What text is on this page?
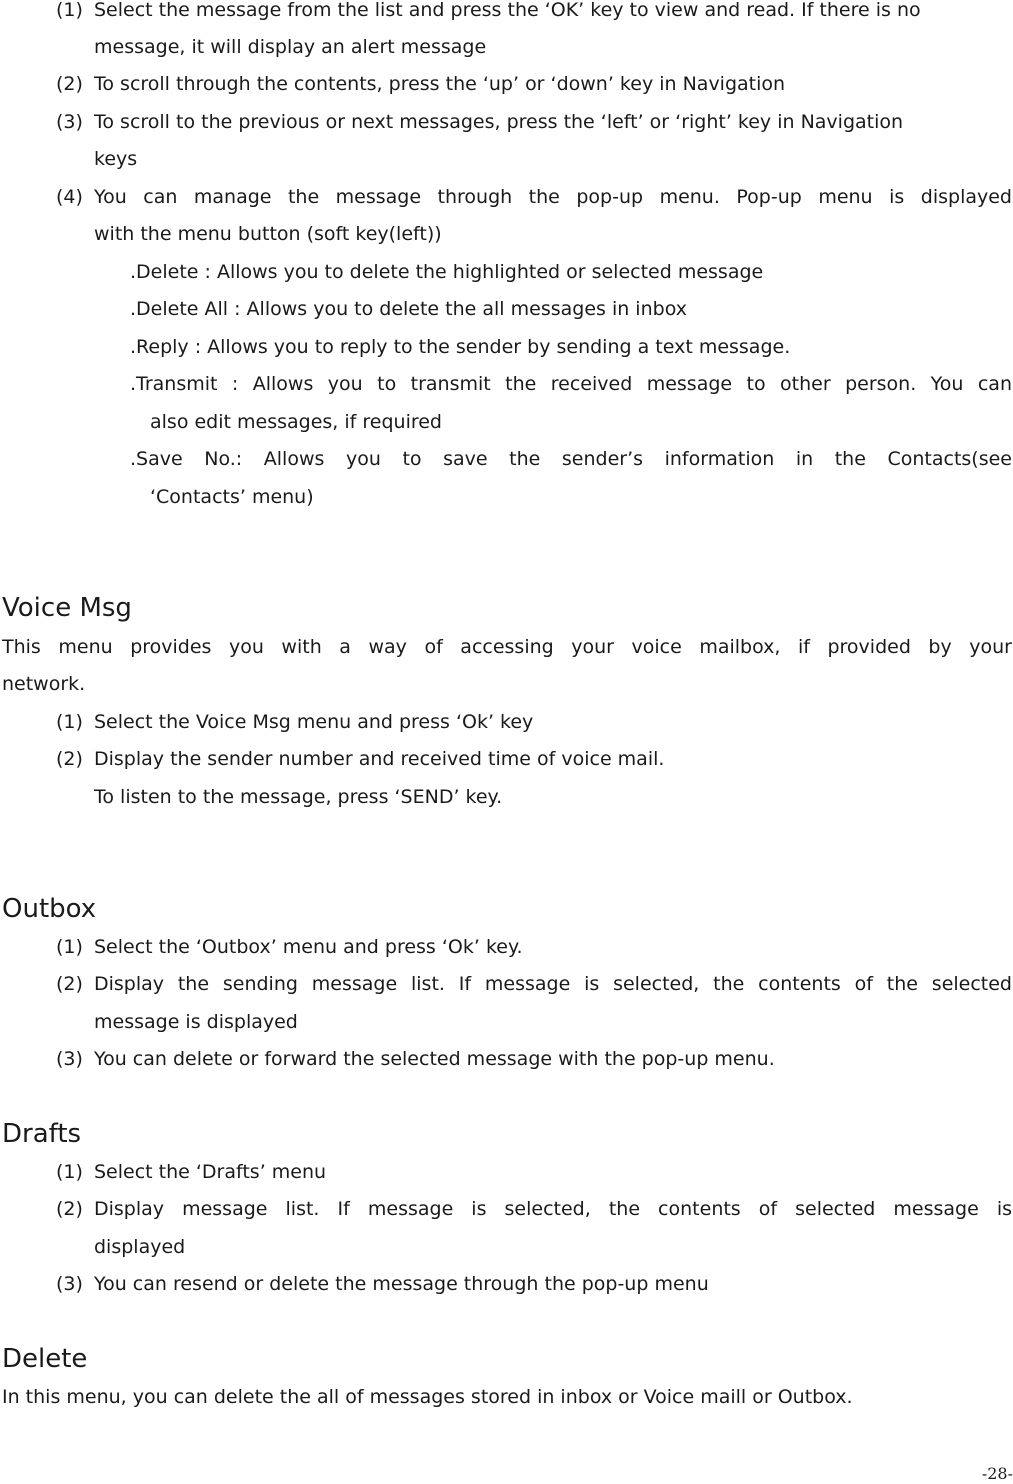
(1) Select the message from the list and press the ‘OK’ key to view and read. If there is no
message, it will display an alert message
(2) To scroll through the contents, press the ‘up’ or ‘down’ key in Navigation
(3) To scroll to the previous or next messages, press the ‘left’ or ‘right’ key in Navigation
keys
(4) You can manage the message through the pop-up menu. Pop-up menu is displayed
with the menu button (soft key(left))
.Delete : Allows you to delete the highlighted or selected message
.Delete All : Allows you to delete the all messages in inbox
.Reply : Allows you to reply to the sender by sending a text message.
.Transmit : Allows you to transmit the received message to other person. You can
also edit messages, if required
.Save No.: Allows you to save the sender’s information in the Contacts(see
‘Contacts’ menu)
Voice Msg
This menu provides you with a way of accessing your voice mailbox, if provided by your
network.
(1) Select the Voice Msg menu and press ‘Ok’ key
(2) Display the sender number and received time of voice mail.
To listen to the message, press ‘SEND’ key.
Outbox
(1) Select the ‘Outbox’ menu and press ‘Ok’ key.
(2) Display the sending message list. If message is selected, the contents of the selected
message is displayed
(3) You can delete or forward the selected message with the pop-up menu.
Drafts
(1) Select the ‘Drafts’ menu
(2) Display message list. If message is selected, the contents of selected message is
displayed
(3) You can resend or delete the message through the pop-up menu
Delete
In this menu, you can delete the all of messages stored in inbox or Voice maill or Outbox.
-28-
